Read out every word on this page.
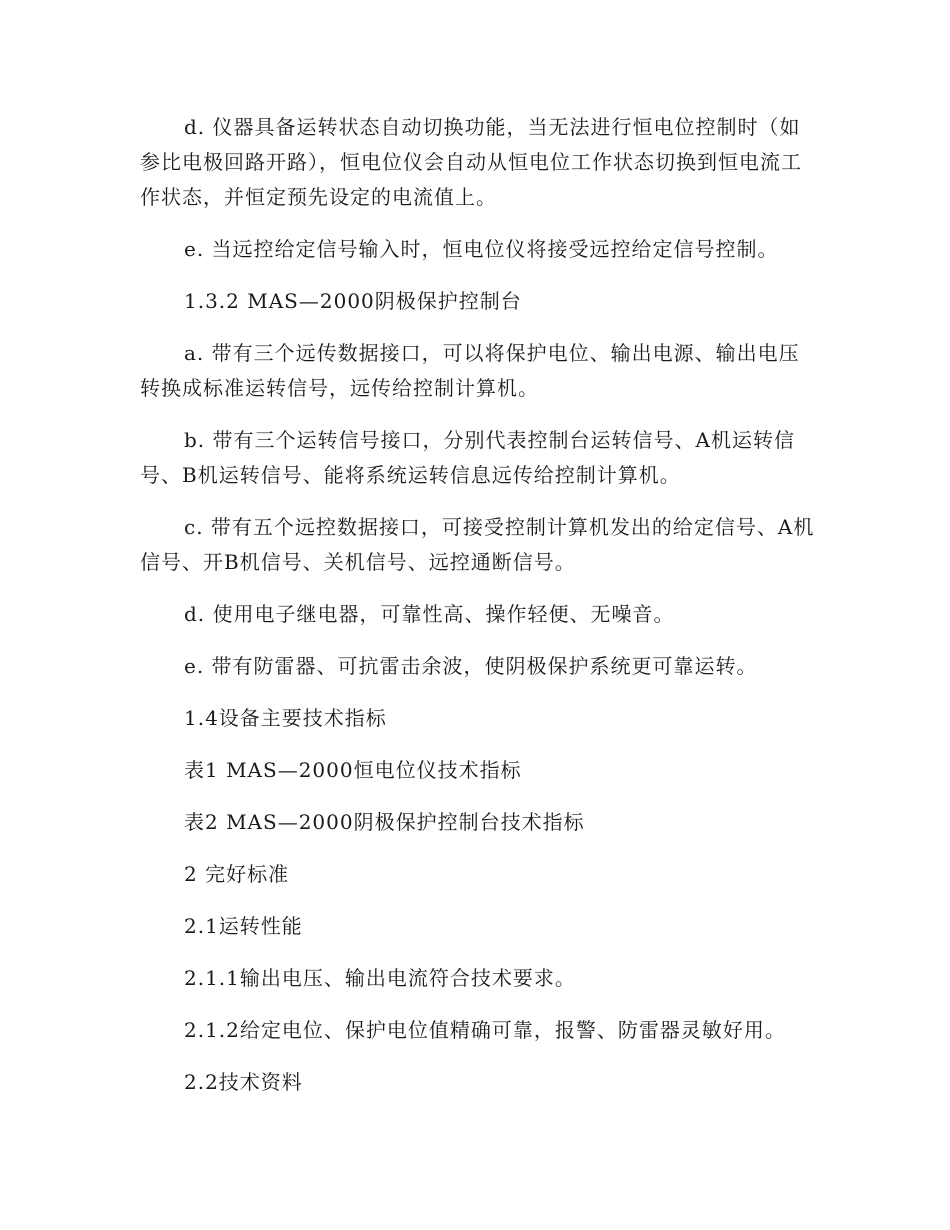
d. 仪器具备运转状态自动切换功能，当无法进行恒电位控制时（如参比电极回路开路），恒电位仪会自动从恒电位工作状态切换到恒电流工作状态，并恒定预先设定的电流值上。

e. 当远控给定信号输入时，恒电位仪将接受远控给定信号控制。

1.3.2 MAS—2000阴极保护控制台

a. 带有三个远传数据接口，可以将保护电位、输出电源、输出电压转换成标准运转信号，远传给控制计算机。

b. 带有三个运转信号接口，分别代表控制台运转信号、A机运转信号、B机运转信号、能将系统运转信息远传给控制计算机。

c. 带有五个远控数据接口，可接受控制计算机发出的给定信号、A机信号、开B机信号、关机信号、远控通断信号。

d. 使用电子继电器，可靠性高、操作轻便、无噪音。

e. 带有防雷器、可抗雷击余波，使阴极保护系统更可靠运转。

1.4设备主要技术指标

表1 MAS—2000恒电位仪技术指标

表2 MAS—2000阴极保护控制台技术指标

2 完好标准

2.1运转性能

2.1.1输出电压、输出电流符合技术要求。

2.1.2给定电位、保护电位值精确可靠，报警、防雷器灵敏好用。

2.2技术资料
